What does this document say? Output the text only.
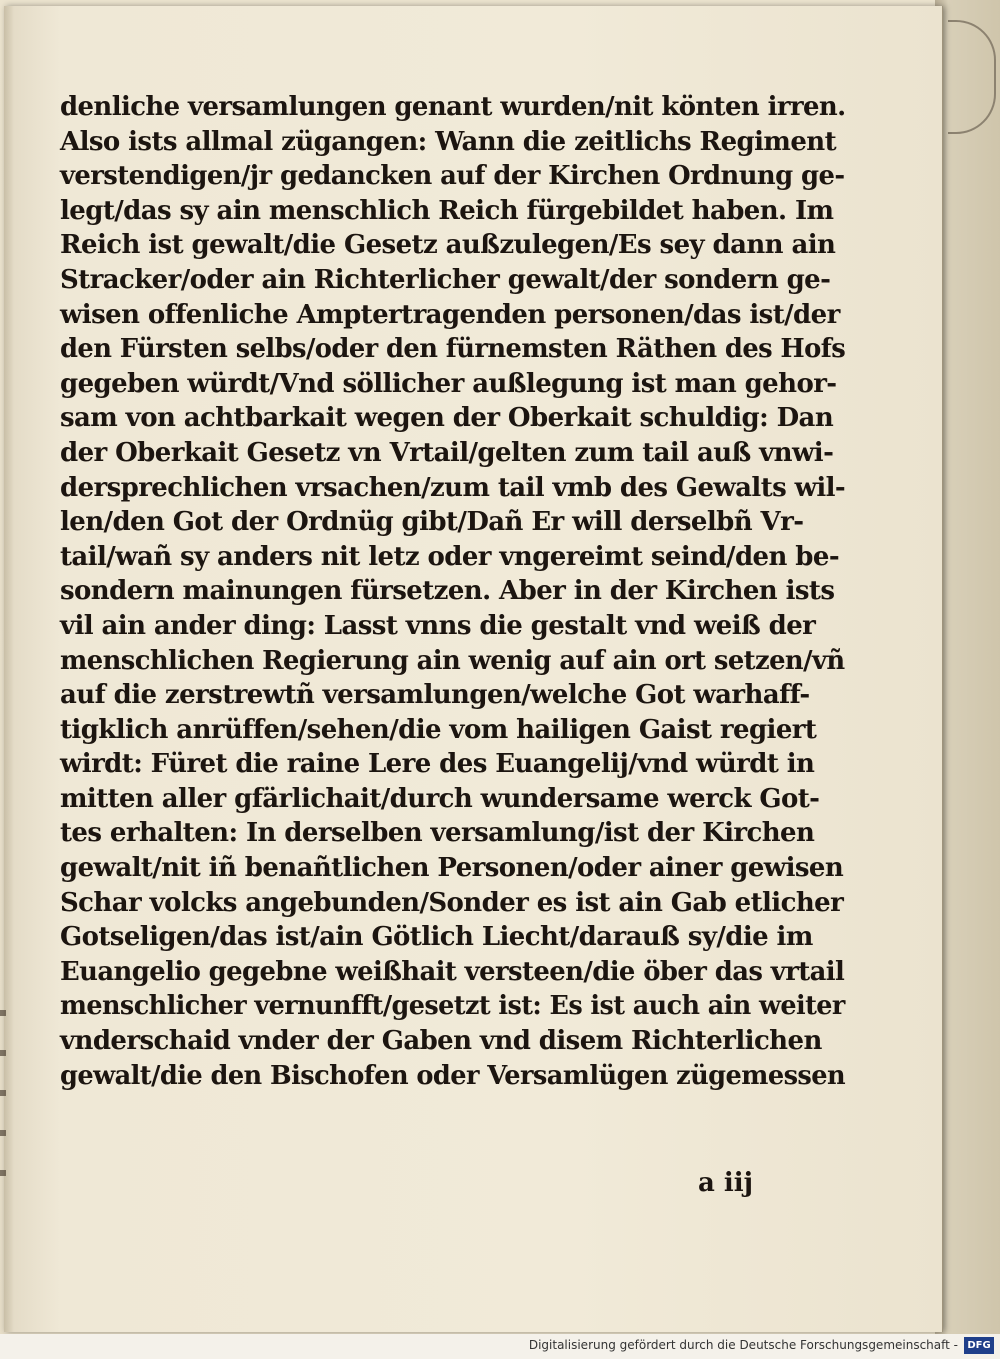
denliche versamlungen genant wurden/nit könten irren.
Also ists allmal zügangen: Wann die zeitlichs Regiment
verstendigen/jr gedancken auf der Kirchen Ordnung ge-
legt/das sy ain menschlich Reich fürgebildet haben. Im
Reich ist gewalt/die Gesetz außzulegen/Es sey dann ain
Stracker/oder ain Richterlicher gewalt/der sondern ge-
wisen offenliche Amptertragenden personen/das ist/der
den Fürsten selbs/oder den fürnemsten Räthen des Hofs
gegeben würdt/Vnd söllicher außlegung ist man gehor-
sam von achtbarkait wegen der Oberkait schuldig: Dan
der Oberkait Gesetz vn Vrtail/gelten zum tail auß vnwi-
dersprechlichen vrsachen/zum tail vmb des Gewalts wil-
len/den Got der Ordnüg gibt/Dañ Er will derselbñ Vr-
tail/wañ sy anders nit letz oder vngereimt seind/den be-
sondern mainungen fürsetzen. Aber in der Kirchen ists
vil ain ander ding: Lasst vnns die gestalt vnd weiß der
menschlichen Regierung ain wenig auf ain ort setzen/vñ
auf die zerstrewtñ versamlungen/welche Got warhaff-
tigklich anrüffen/sehen/die vom hailigen Gaist regiert
wirdt: Füret die raine Lere des Euangelij/vnd würdt in
mitten aller gfärlichait/durch wundersame werck Got-
tes erhalten: In derselben versamlung/ist der Kirchen
gewalt/nit iñ benañtlichen Personen/oder ainer gewisen
Schar volcks angebunden/Sonder es ist ain Gab etlicher
Gotseligen/das ist/ain Götlich Liecht/darauß sy/die im
Euangelio gegebne weißhait versteen/die öber das vrtail
menschlicher vernunfft/gesetzt ist: Es ist auch ain weiter
vnderschaid vnder der Gaben vnd disem Richterlichen
gewalt/die den Bischofen oder Versamlügen zügemessen
a iij
Digitalisierung gefördert durch die Deutsche Forschungsgemeinschaft - DFG
